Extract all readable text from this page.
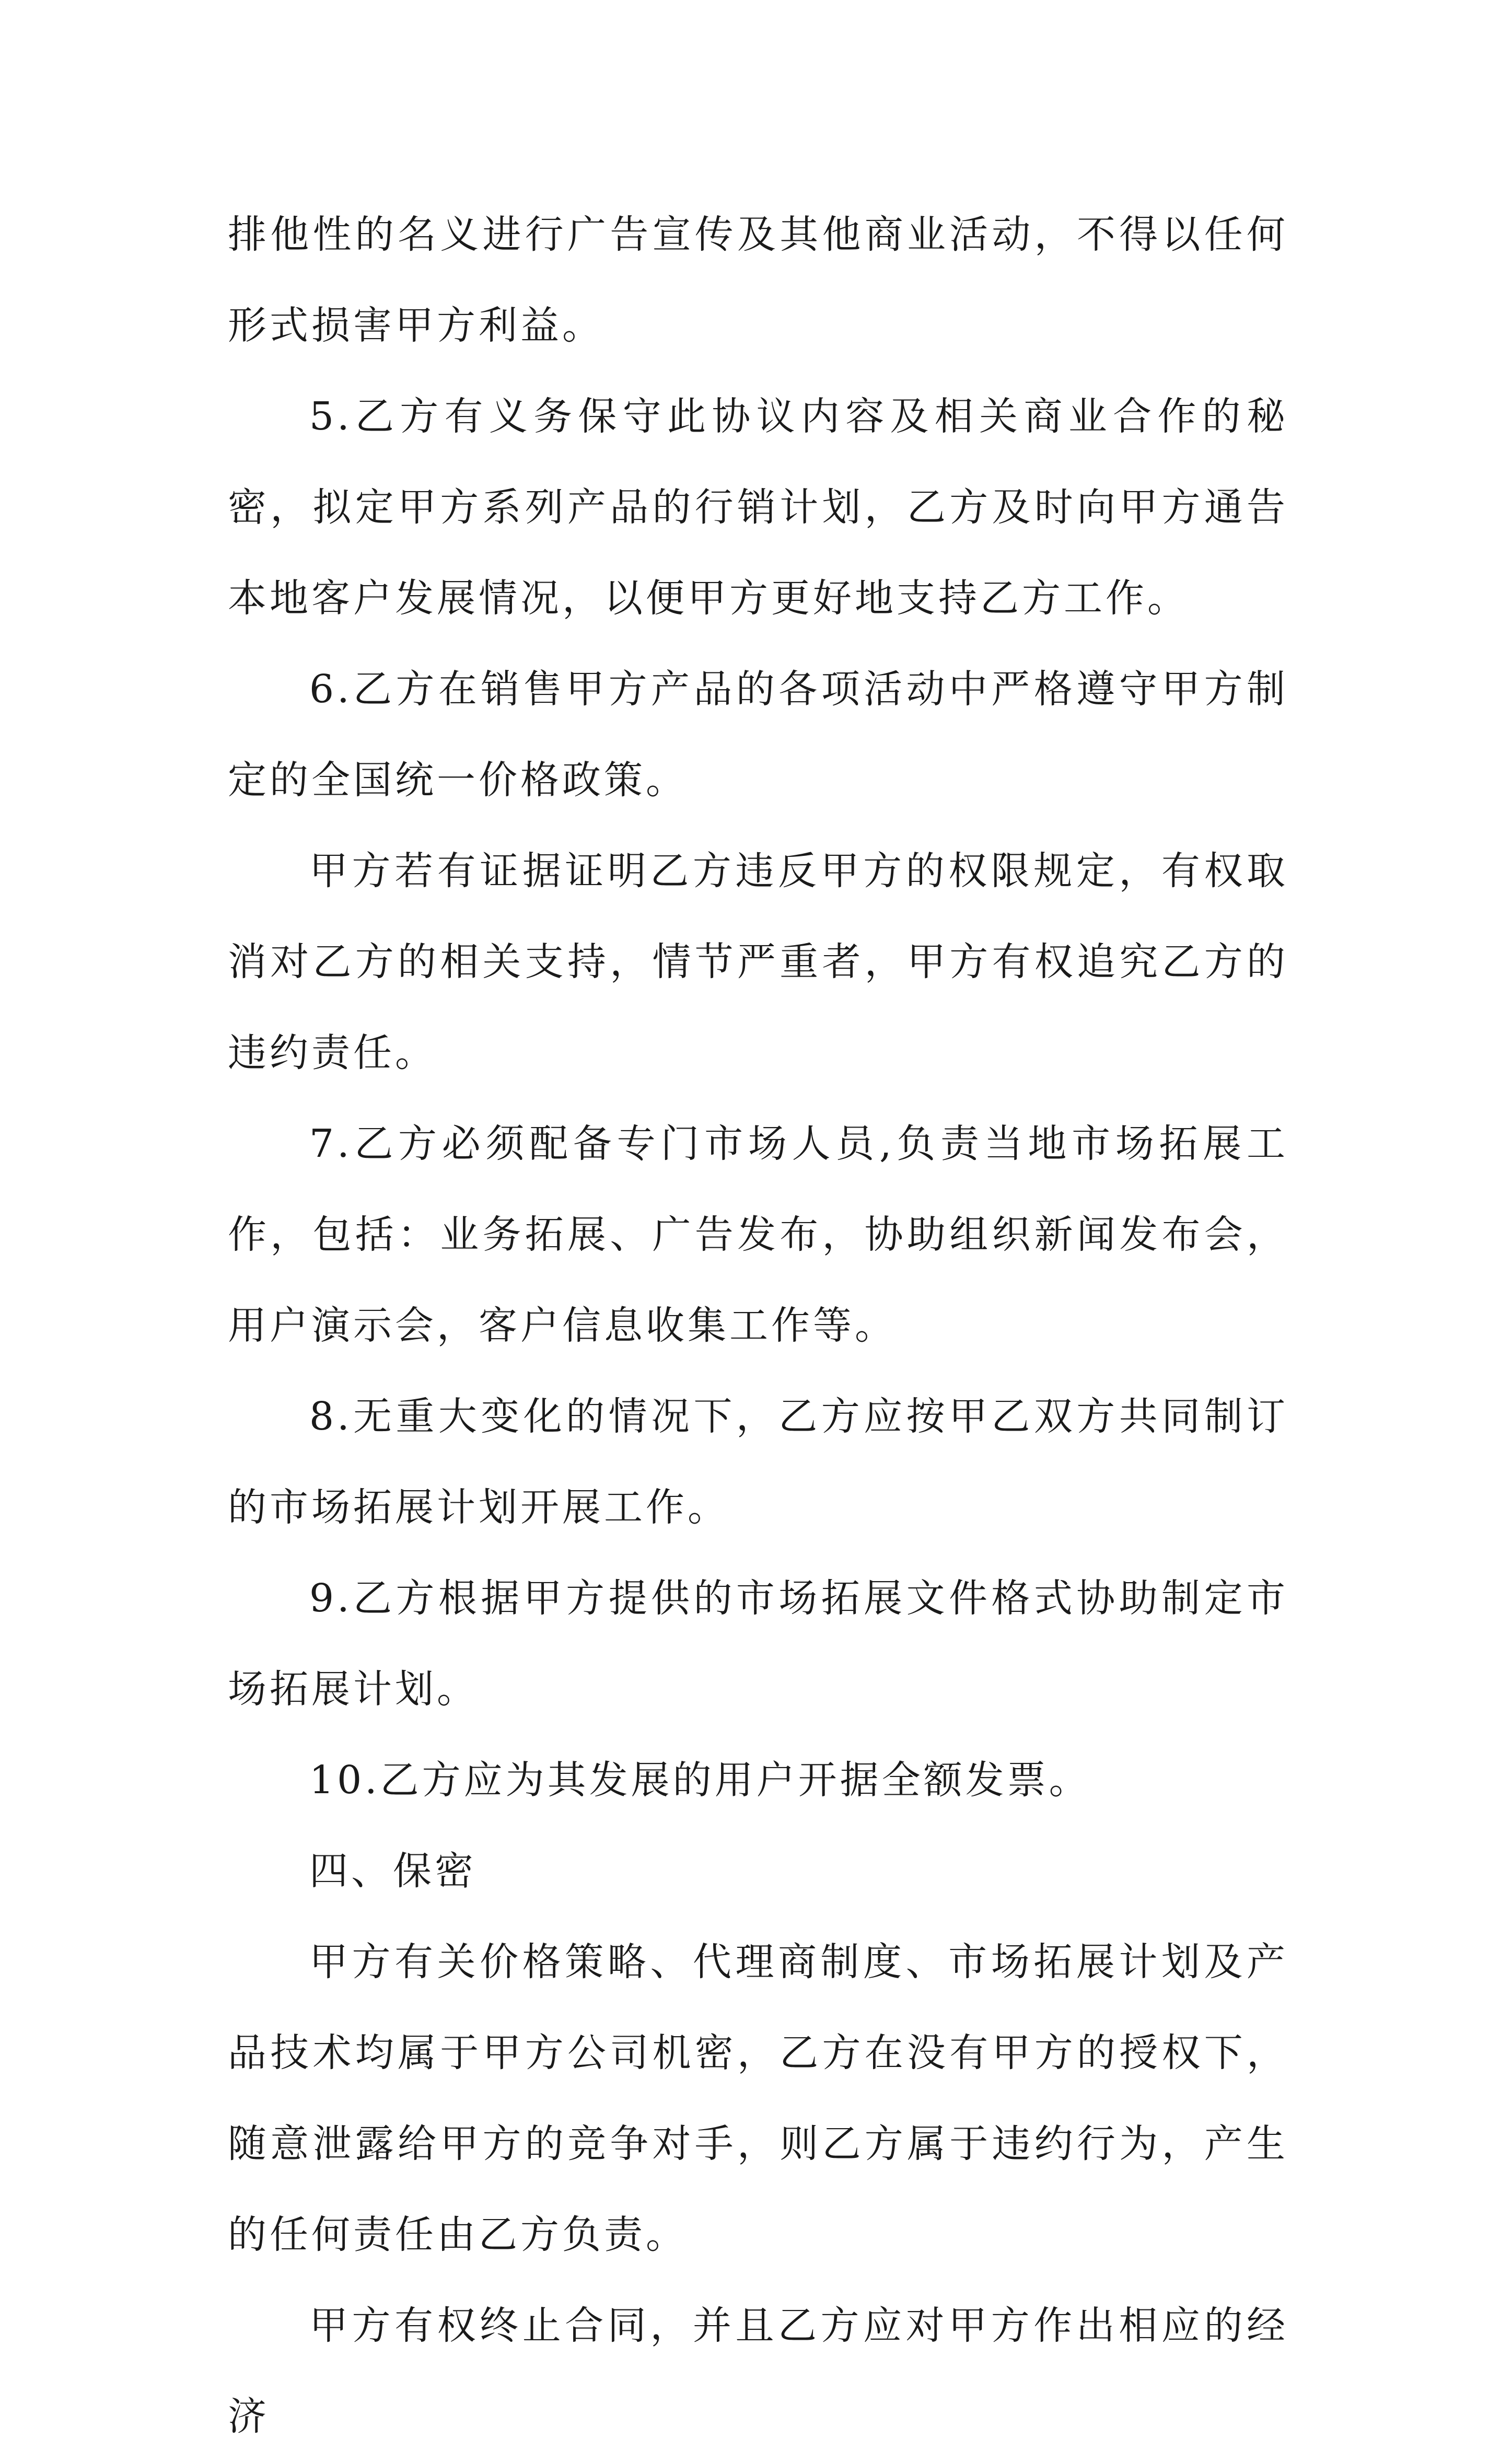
排他性的名义进行广告宣传及其他商业活动，不得以任何形式损害甲方利益。

5.乙方有义务保守此协议内容及相关商业合作的秘密，拟定甲方系列产品的行销计划，乙方及时向甲方通告本地客户发展情况，以便甲方更好地支持乙方工作。

6.乙方在销售甲方产品的各项活动中严格遵守甲方制定的全国统一价格政策。

甲方若有证据证明乙方违反甲方的权限规定，有权取消对乙方的相关支持，情节严重者，甲方有权追究乙方的违约责任。

7.乙方必须配备专门市场人员,负责当地市场拓展工作，包括：业务拓展、广告发布，协助组织新闻发布会，用户演示会，客户信息收集工作等。

8.无重大变化的情况下，乙方应按甲乙双方共同制订的市场拓展计划开展工作。

9.乙方根据甲方提供的市场拓展文件格式协助制定市场拓展计划。

10.乙方应为其发展的用户开据全额发票。

四、保密

甲方有关价格策略、代理商制度、市场拓展计划及产品技术均属于甲方公司机密，乙方在没有甲方的授权下，随意泄露给甲方的竞争对手，则乙方属于违约行为，产生的任何责任由乙方负责。

甲方有权终止合同，并且乙方应对甲方作出相应的经济
